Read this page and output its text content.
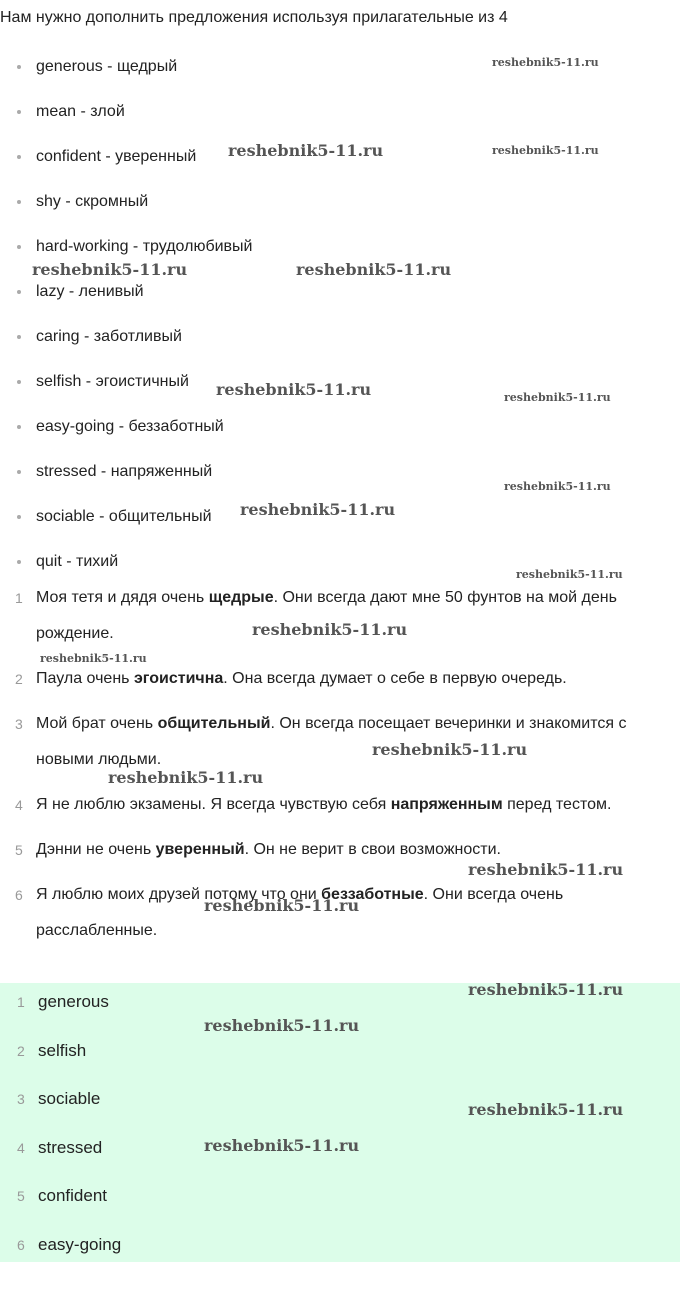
Нам нужно дополнить предложения используя прилагательные из 4
generous - щедрый
mean - злой
confident - уверенный
shy - скромный
hard-working - трудолюбивый
lazy - ленивый
caring - заботливый
selfish - эгоистичный
easy-going - беззаботный
stressed - напряженный
sociable - общительный
quit - тихий
1 Моя тетя и дядя очень щедрые. Они всегда дают мне 50 фунтов на мой день рождение.
2 Паула очень эгоистична. Она всегда думает о себе в первую очередь.
3 Мой брат очень общительный. Он всегда посещает вечеринки и знакомится с новыми людьми.
4 Я не люблю экзамены. Я всегда чувствую себя напряженным перед тестом.
5 Дэнни не очень уверенный. Он не верит в свои возможности.
6 Я люблю моих друзей потому что они беззаботные. Они всегда очень расслабленные.
1 generous
2 selfish
3 sociable
4 stressed
5 confident
6 easy-going
reshebnik5-11.ru
reshebnik5-11.ru	reshebnik5-11.ru
reshebnik5-11.ru	reshebnik5-11.ru
reshebnik5-11.ru	reshebnik5-11.ru
reshebnik5-11.ru
reshebnik5-11.ru
reshebnik5-11.ru
reshebnik5-11.ru
reshebnik5-11.ru
reshebnik5-11.ru
reshebnik5-11.ru
reshebnik5-11.ru
reshebnik5-11.ru
reshebnik5-11.ru
reshebnik5-11.ru
reshebnik5-11.ru
reshebnik5-11.ru
